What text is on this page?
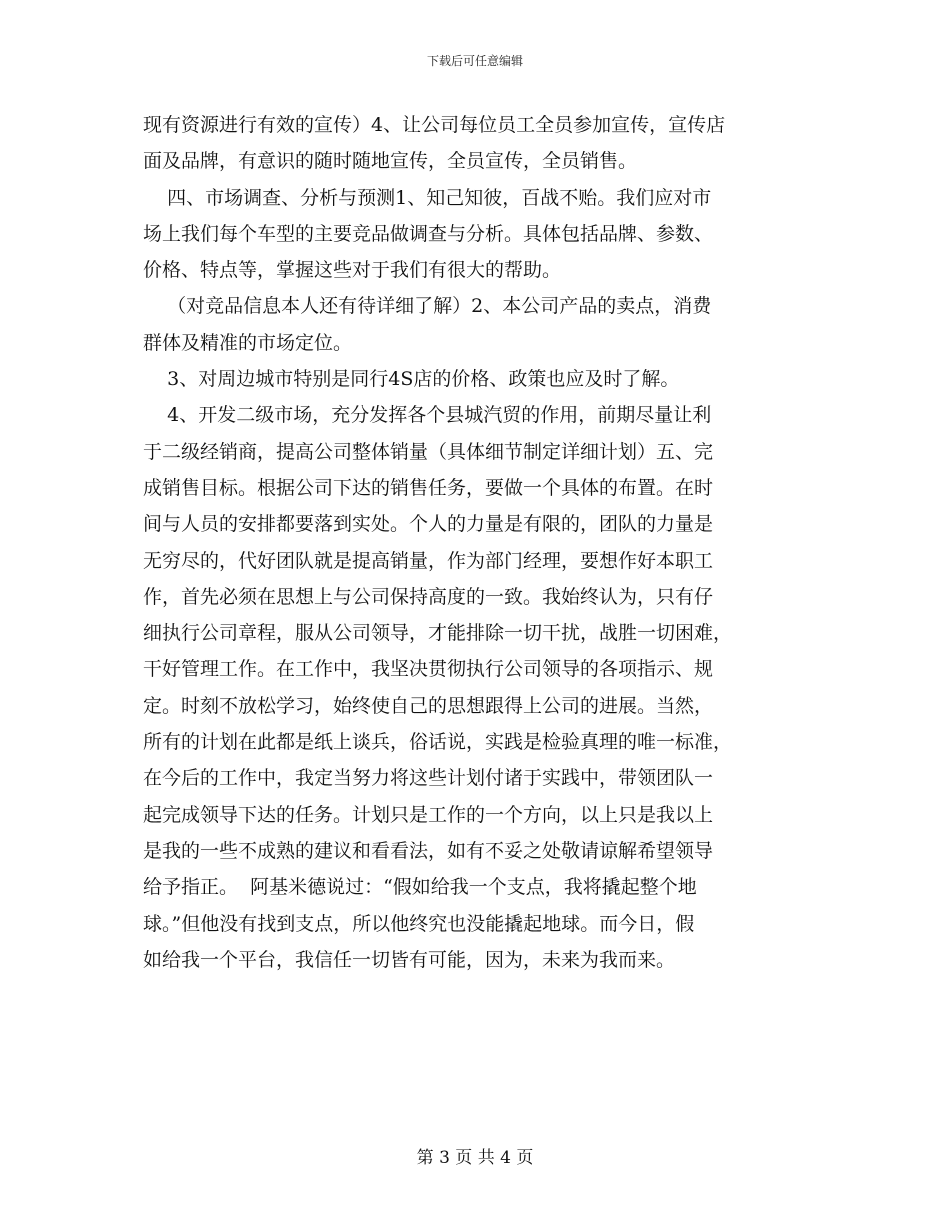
下载后可任意编辑
现有资源进行有效的宣传）4、让公司每位员工全员参加宣传，宣传店
面及品牌，有意识的随时随地宣传，全员宣传，全员销售。
四、市场调查、分析与预测1、知己知彼，百战不贻。我们应对市
场上我们每个车型的主要竞品做调查与分析。具体包括品牌、参数、
价格、特点等，掌握这些对于我们有很大的帮助。
（对竞品信息本人还有待详细了解）2、本公司产品的卖点，消费
群体及精准的市场定位。
3、对周边城市特别是同行4S店的价格、政策也应及时了解。
4、开发二级市场，充分发挥各个县城汽贸的作用，前期尽量让利
于二级经销商，提高公司整体销量（具体细节制定详细计划）五、完
成销售目标。根据公司下达的销售任务，要做一个具体的布置。在时
间与人员的安排都要落到实处。个人的力量是有限的，团队的力量是
无穷尽的，代好团队就是提高销量，作为部门经理，要想作好本职工
作，首先必须在思想上与公司保持高度的一致。我始终认为，只有仔
细执行公司章程，服从公司领导，才能排除一切干扰，战胜一切困难，
干好管理工作。在工作中，我坚决贯彻执行公司领导的各项指示、规
定。时刻不放松学习，始终使自己的思想跟得上公司的进展。当然，
所有的计划在此都是纸上谈兵，俗话说，实践是检验真理的唯一标准，
在今后的工作中，我定当努力将这些计划付诸于实践中，带领团队一
起完成领导下达的任务。计划只是工作的一个方向，以上只是我以上
是我的一些不成熟的建议和看看法，如有不妥之处敬请谅解希望领导
给予指正。  阿基米德说过：“假如给我一个支点，我将撬起整个地
球。”但他没有找到支点，所以他终究也没能撬起地球。而今日，假
如给我一个平台，我信任一切皆有可能，因为，未来为我而来。
第 3 页 共 4 页
